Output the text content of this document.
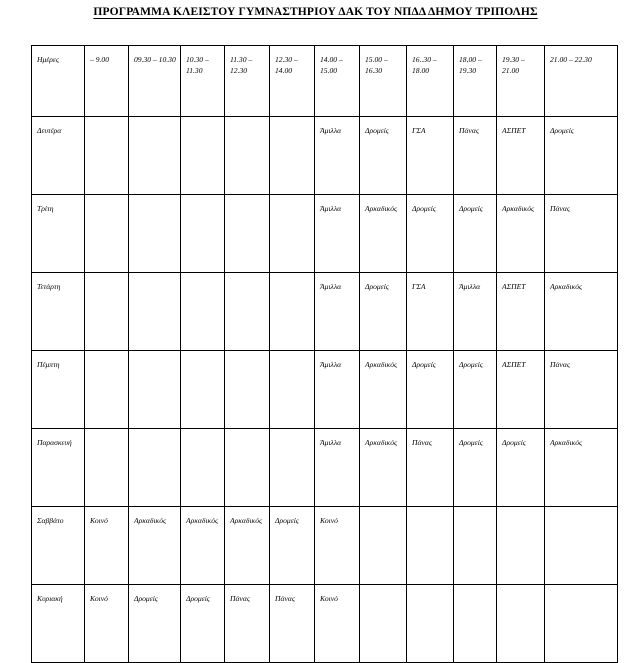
ΠΡΟΓΡΑΜΜΑ ΚΛΕΙΣΤΟΥ ΓΥΜΝΑΣΤΗΡΙΟΥ ΔΑΚ ΤΟΥ ΝΠΔΔ ΔΗΜΟΥ ΤΡΙΠΟΛΗΣ
Ημέρες	– 9.00	09.30 – 10.30	10.30 – 11.30	11.30 – 12.30	12.30 – 14.00	14.00 – 15.00	15.00 – 16.30	16..30 – 18.00	18,00 – 19.30	19.30 – 21.00	21.00 – 22.30
Δευτέρα						Άμιλλα	Δρομείς	ΓΣΑ	Πάνας	ΑΣΠΕΤ	Δρομείς
Τρίτη						Άμιλλα	Αρκαδικός	Δρομείς	Δρομείς	Αρκαδικός	Πάνας
Τετάρτη						Άμιλλα	Δρομείς	ΓΣΑ	Άμιλλα	ΑΣΠΕΤ	Αρκαδικός
Πέμπτη						Άμιλλα	Αρκαδικός	Δρομείς	Δρομείς	ΑΣΠΕΤ	Πάνας
Παρασκευή						Άμιλλα	Αρκαδικός	Πάνας	Δρομείς	Δρομείς	Αρκαδικός
Σαββάτο	Κοινό	Αρκαδικός	Αρκαδικός	Αρκαδικός	Δρομείς	Κοινό					
Κυριακή	Κοινό	Δρομείς	Δρομείς	Πάνας	Πάνας	Κοινό					
